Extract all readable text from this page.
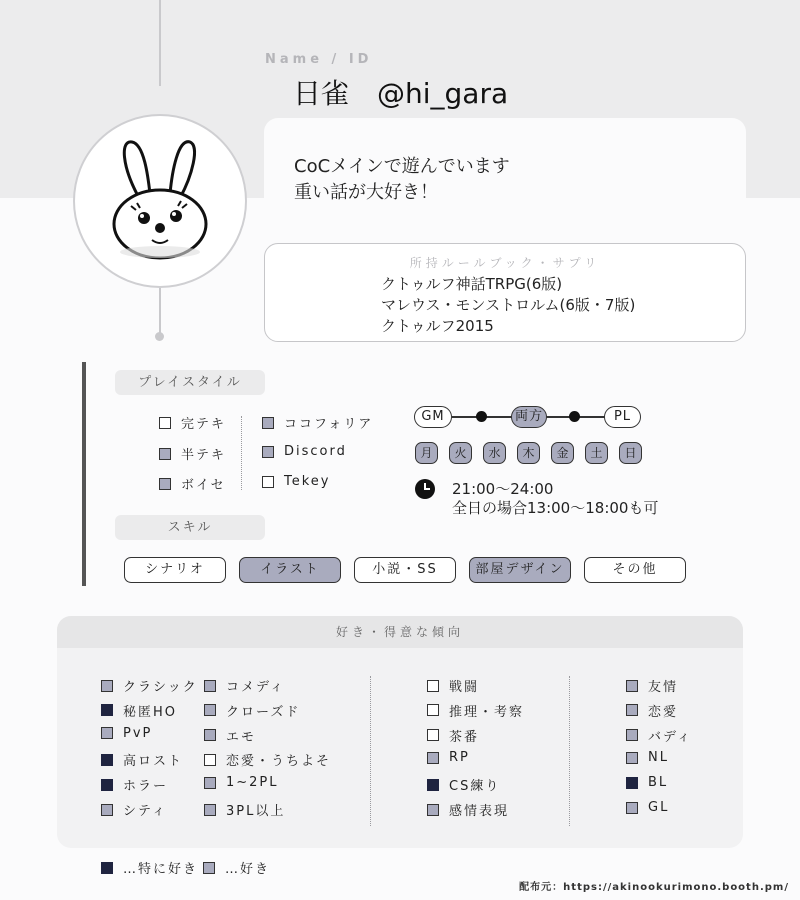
Name / ID
日雀　@hi_gara
CoCメインで遊んでいます
重い話が大好き！
所持ルールブック・サプリ
クトゥルフ神話TRPG(6版)
マレウス・モンストロルム(6版・7版)
クトゥルフ2015
プレイスタイル
完テキ
半テキ
ボイセ
ココフォリア
Discord
Tekey
GM	両方	PL
月	火	水	木	金	土	日
21:00～24:00
全日の場合13:00～18:00も可
スキル
シナリオ	イラスト	小説・SS	部屋デザイン	その他
好き・得意な傾向
クラシック
秘匿HO
PvP
高ロスト
ホラー
シティ
コメディ
クローズド
エモ
恋愛・うちよそ
1~2PL
3PL以上
戦闘
推理・考察
茶番
RP
CS練り
感情表現
友情
恋愛
バディ
NL
BL
GL
…特に好き …好き
配布元：https://akinookurimono.booth.pm/
